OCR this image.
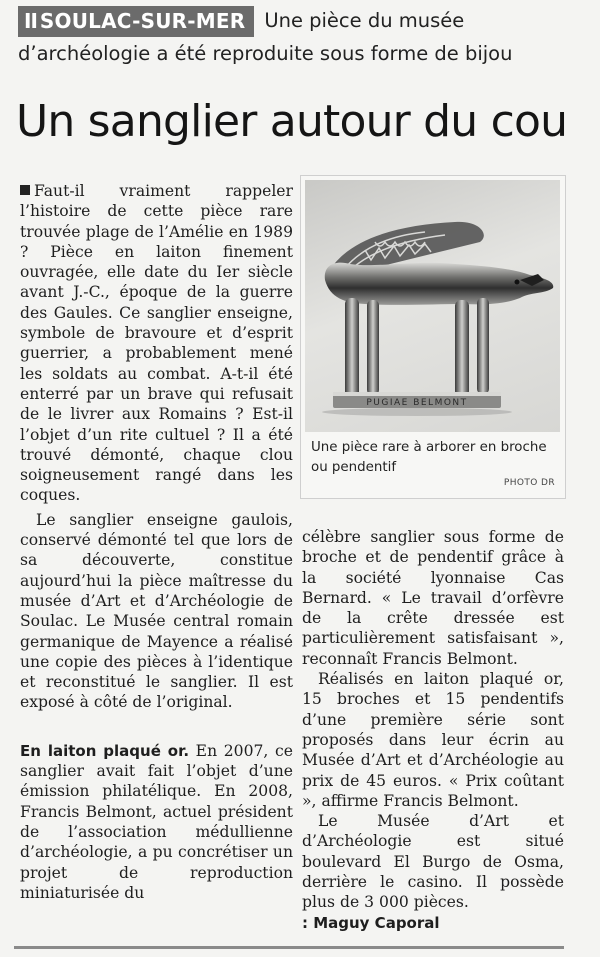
II SOULAC-SUR-MER Une pièce du musée
d’archéologie a été reproduite sous forme de bijou
Un sanglier autour du cou

Faut-il vraiment rappeler l’histoire de cette pièce rare trouvée plage de l’Amélie en 1989 ? Pièce en laiton finement ouvragée, elle date du Ier siècle avant J.-C., époque de la guerre des Gaules. Ce sanglier enseigne, symbole de bravoure et d’esprit guerrier, a probablement mené les soldats au combat. A-t-il été enterré par un brave qui refusait de le livrer aux Romains ? Est-il l’objet d’un rite cultuel ? Il a été trouvé démonté, chaque clou soigneusement rangé dans les coques.

Le sanglier enseigne gaulois, conservé démonté tel que lors de sa découverte, constitue aujourd’hui la pièce maîtresse du musée d’Art et d’Archéologie de Soulac. Le Musée central romain germanique de Mayence a réalisé une copie des pièces à l’identique et reconstitué le sanglier. Il est exposé à côté de l’original.

En laiton plaqué or. En 2007, ce sanglier avait fait l’objet d’une émission philatélique. En 2008, Francis Belmont, actuel président de l’association médullienne d’archéologie, a pu concrétiser un projet de reproduction miniaturisée du

PUGIAE BELMONT
Une pièce rare à arborer en broche ou pendentif
PHOTO DR

célèbre sanglier sous forme de broche et de pendentif grâce à la société lyonnaise Cas Bernard. « Le travail d’orfèvre de la crête dressée est particulièrement satisfaisant », reconnaît Francis Belmont.

Réalisés en laiton plaqué or, 15 broches et 15 pendentifs d’une première série sont proposés dans leur écrin au Musée d’Art et d’Archéologie au prix de 45 euros. « Prix coûtant », affirme Francis Belmont.

Le Musée d’Art et d’Archéologie est situé boulevard El Burgo de Osma, derrière le casino. Il possède plus de 3 000 pièces.

: Maguy Caporal
